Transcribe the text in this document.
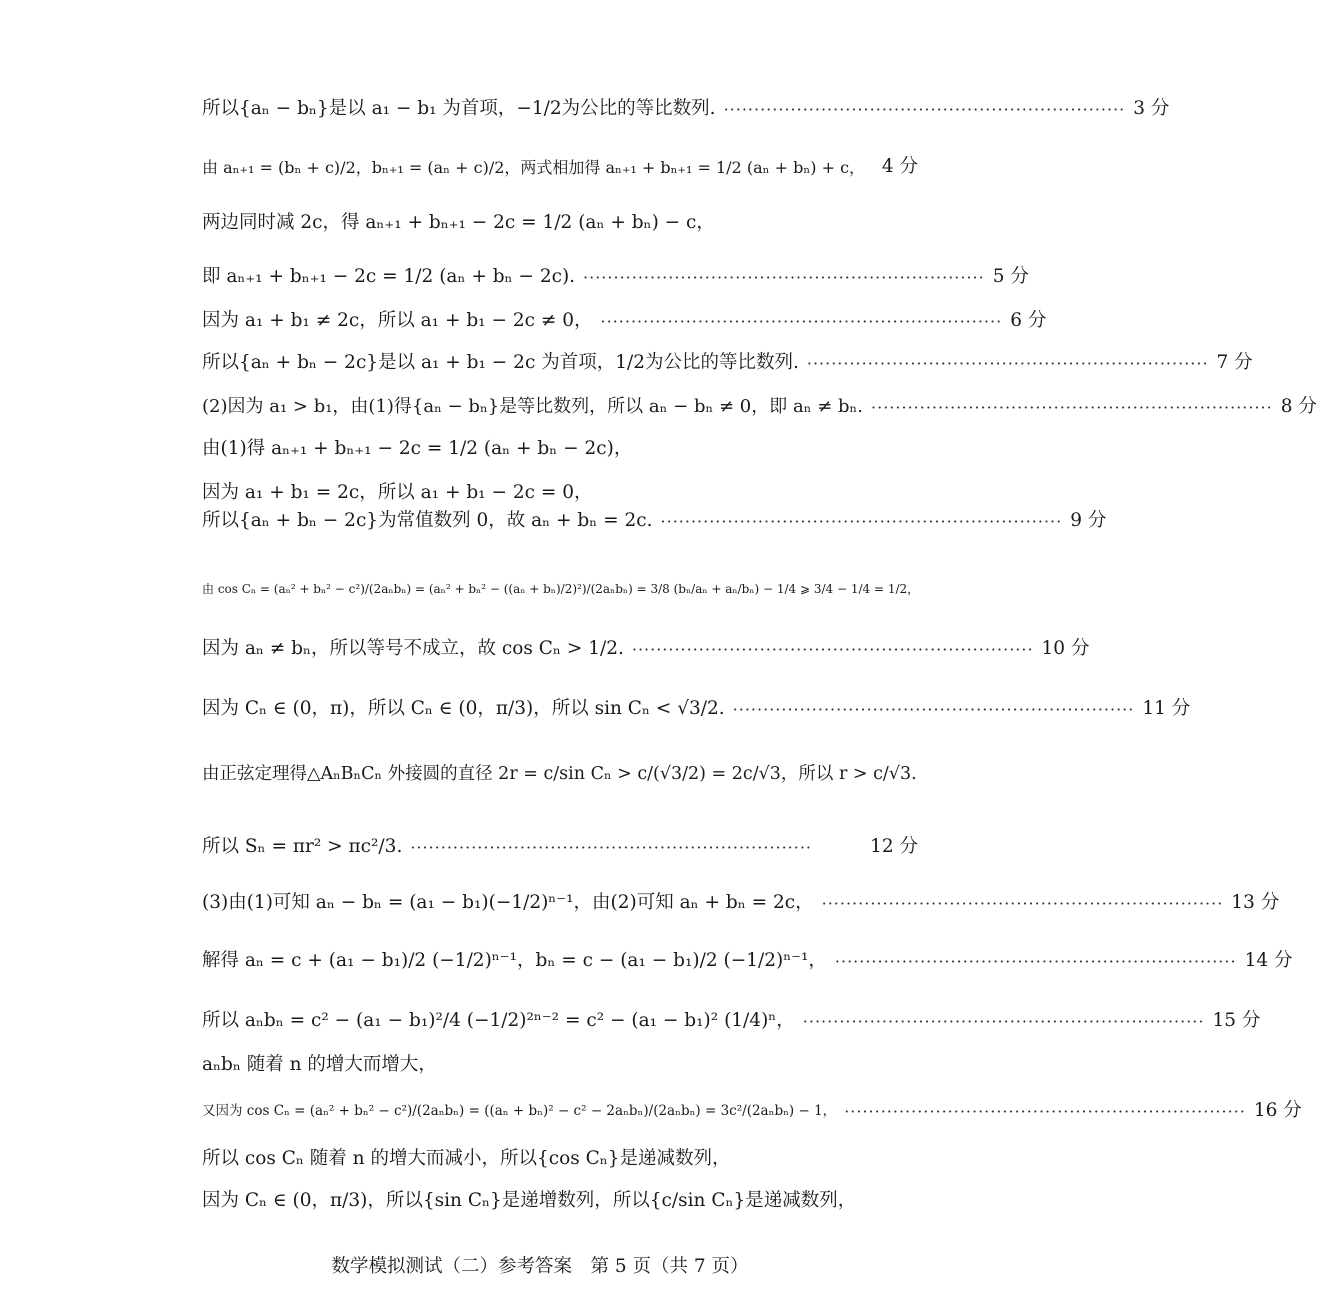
所以{aₙ − bₙ}是以 a₁ − b₁ 为首项，−1/2为公比的等比数列. ·································································· 3 分
由 aₙ₊₁ = (bₙ + c)/2，bₙ₊₁ = (aₙ + c)/2，两式相加得 aₙ₊₁ + bₙ₊₁ = 1/2 (aₙ + bₙ) + c， 4 分
两边同时减 2c，得 aₙ₊₁ + bₙ₊₁ − 2c = 1/2 (aₙ + bₙ) − c，
即 aₙ₊₁ + bₙ₊₁ − 2c = 1/2 (aₙ + bₙ − 2c). ·································································· 5 分
因为 a₁ + b₁ ≠ 2c，所以 a₁ + b₁ − 2c ≠ 0， ·································································· 6 分
所以{aₙ + bₙ − 2c}是以 a₁ + b₁ − 2c 为首项，1/2为公比的等比数列. ·································································· 7 分
(2)因为 a₁ > b₁，由(1)得{aₙ − bₙ}是等比数列，所以 aₙ − bₙ ≠ 0，即 aₙ ≠ bₙ. ·································································· 8 分
由(1)得 aₙ₊₁ + bₙ₊₁ − 2c = 1/2 (aₙ + bₙ − 2c)，
因为 a₁ + b₁ = 2c，所以 a₁ + b₁ − 2c = 0，
所以{aₙ + bₙ − 2c}为常值数列 0，故 aₙ + bₙ = 2c. ·································································· 9 分
由 cos Cₙ = (aₙ² + bₙ² − c²)/(2aₙbₙ) = (aₙ² + bₙ² − ((aₙ + bₙ)/2)²)/(2aₙbₙ) = 3/8 (bₙ/aₙ + aₙ/bₙ) − 1/4 ⩾ 3/4 − 1/4 = 1/2，
因为 aₙ ≠ bₙ，所以等号不成立，故 cos Cₙ > 1/2. ·································································· 10 分
因为 Cₙ ∈ (0，π)，所以 Cₙ ∈ (0，π/3)，所以 sin Cₙ < √3/2. ·································································· 11 分
由正弦定理得△AₙBₙCₙ 外接圆的直径 2r = c/sin Cₙ > c/(√3/2) = 2c/√3，所以 r > c/√3.
所以 Sₙ = πr² > πc²/3. ··································································	12 分
(3)由(1)可知 aₙ − bₙ = (a₁ − b₁)(−1/2)ⁿ⁻¹，由(2)可知 aₙ + bₙ = 2c， ·································································· 13 分
解得 aₙ = c + (a₁ − b₁)/2 (−1/2)ⁿ⁻¹，bₙ = c − (a₁ − b₁)/2 (−1/2)ⁿ⁻¹， ·································································· 14 分
所以 aₙbₙ = c² − (a₁ − b₁)²/4 (−1/2)²ⁿ⁻² = c² − (a₁ − b₁)² (1/4)ⁿ， ·································································· 15 分
aₙbₙ 随着 n 的增大而增大，
又因为 cos Cₙ = (aₙ² + bₙ² − c²)/(2aₙbₙ) = ((aₙ + bₙ)² − c² − 2aₙbₙ)/(2aₙbₙ) = 3c²/(2aₙbₙ) − 1， ·································································· 16 分
所以 cos Cₙ 随着 n 的增大而减小，所以{cos Cₙ}是递减数列，
因为 Cₙ ∈ (0，π/3)，所以{sin Cₙ}是递增数列，所以{c/sin Cₙ}是递减数列，
数学模拟测试（二）参考答案　第 5 页（共 7 页）
